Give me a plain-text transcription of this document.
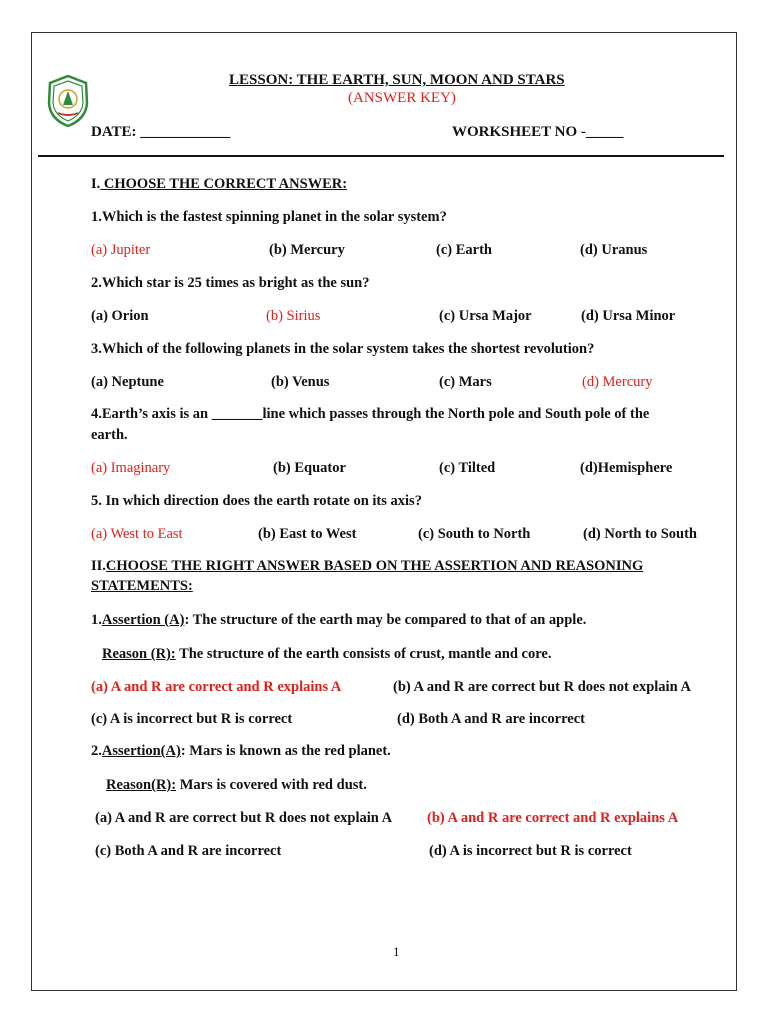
LESSON: THE EARTH, SUN, MOON AND STARS
(ANSWER KEY)
DATE: ____________	WORKSHEET NO -_____
I. CHOOSE THE CORRECT ANSWER:
1.Which is the fastest spinning planet in the solar system?
(a) Jupiter	(b) Mercury	(c) Earth	(d) Uranus
2.Which star is 25 times as bright as the sun?
(a) Orion	(b) Sirius	(c) Ursa Major	(d) Ursa Minor
3.Which of the following planets in the solar system takes the shortest revolution?
(a) Neptune	(b) Venus	(c) Mars	(d) Mercury
4.Earth’s axis is an _______line which passes through the North pole and South pole of the
earth.
(a) Imaginary	(b) Equator	(c) Tilted	(d)Hemisphere
5. In which direction does the earth rotate on its axis?
(a) West to East	(b) East to West	(c) South to North	(d) North to South
II.CHOOSE THE RIGHT ANSWER BASED ON THE ASSERTION AND REASONING
STATEMENTS:
1.Assertion (A): The structure of the earth may be compared to that of an apple.
Reason (R): The structure of the earth consists of crust, mantle and core.
(a) A and R are correct and R explains A	(b) A and R are correct but R does not explain A
(c) A is incorrect but R is correct	(d) Both A and R are incorrect
2.Assertion(A): Mars is known as the red planet.
Reason(R): Mars is covered with red dust.
(a) A and R are correct but R does not explain A (b) A and R are correct and R explains A
(c) Both A and R are incorrect	(d) A is incorrect but R is correct
1
